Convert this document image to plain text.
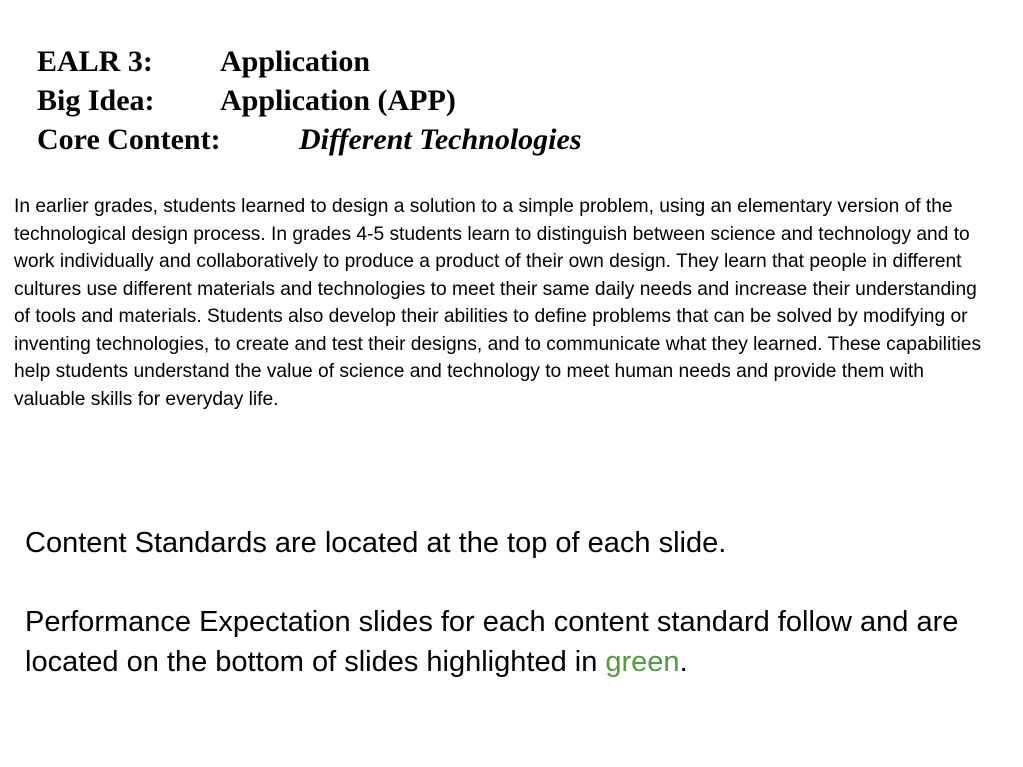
EALR 3: Application
Big Idea: Application (APP)
Core Content:	Different Technologies

In earlier grades, students learned to design a solution to a simple problem, using an elementary version of the technological design process. In grades 4-5 students learn to distinguish between science and technology and to work individually and collaboratively to produce a product of their own design. They learn that people in different cultures use different materials and technologies to meet their same daily needs and increase their understanding of tools and materials. Students also develop their abilities to define problems that can be solved by modifying or inventing technologies, to create and test their designs, and to communicate what they learned. These capabilities help students understand the value of science and technology to meet human needs and provide them with valuable skills for everyday life.

Content Standards are located at the top of each slide.

Performance Expectation slides for each content standard follow and are located on the bottom of slides highlighted in green.
